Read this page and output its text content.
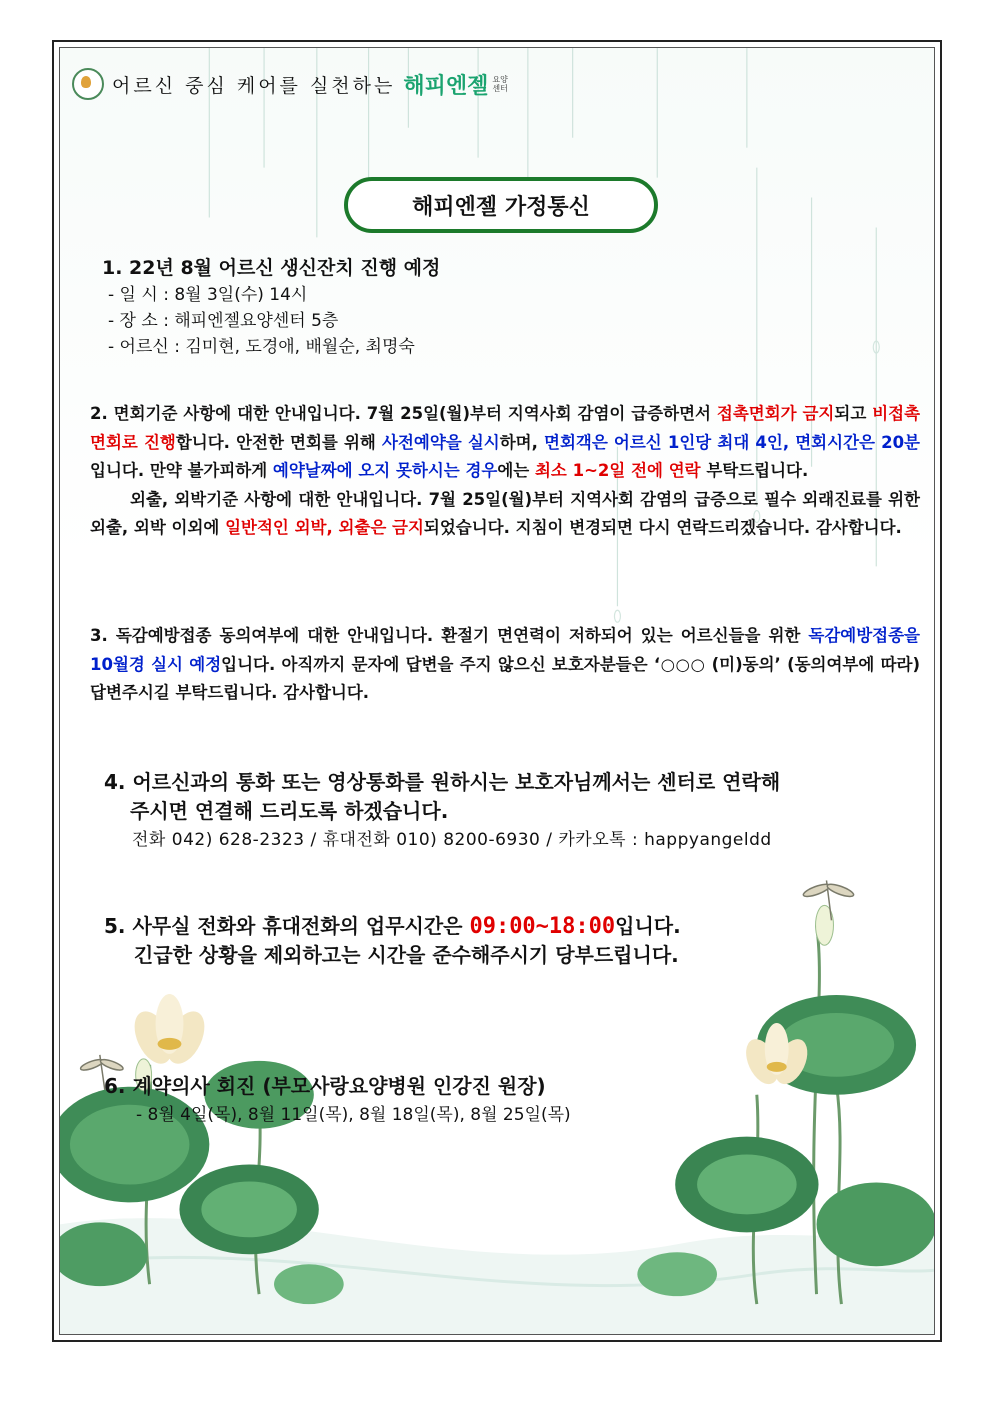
어르신 중심 케어를 실천하는 해피엔젤 요양 센터
해피엔젤 가정통신

1. 22년 8월 어르신 생신잔치 진행 예정

- 일 시 : 8월 3일(수) 14시
- 장 소 : 해피엔젤요양센터 5층
- 어르신 : 김미현, 도경애, 배월순, 최명숙

2. 면회기준 사항에 대한 안내입니다. 7월 25일(월)부터 지역사회 감염이 급증하면서 접촉면회가 금지되고 비접촉면회로 진행합니다. 안전한 면회를 위해 사전예약을 실시하며, 면회객은 어르신 1인당 최대 4인, 면회시간은 20분 입니다. 만약 불가피하게 예약날짜에 오지 못하시는 경우에는 최소 1~2일 전에 연락 부탁드립니다.

외출, 외박기준 사항에 대한 안내입니다. 7월 25일(월)부터 지역사회 감염의 급증으로 필수 외래진료를 위한 외출, 외박 이외에 일반적인 외박, 외출은 금지되었습니다. 지침이 변경되면 다시 연락드리겠습니다. 감사합니다.

3. 독감예방접종 동의여부에 대한 안내입니다. 환절기 면연력이 저하되어 있는 어르신들을 위한 독감예방접종을 10월경 실시 예정입니다. 아직까지 문자에 답변을 주지 않으신 보호자분들은 ‘○○○ (미)동의’ (동의여부에 따라) 답변주시길 부탁드립니다. 감사합니다.

4. 어르신과의 통화 또는 영상통화를 원하시는 보호자님께서는 센터로 연락해

주시면 연결해 드리도록 하겠습니다.

전화 042) 628-2323 / 휴대전화 010) 8200-6930 / 카카오톡 : happyangeldd

5. 사무실 전화와 휴대전화의 업무시간은 09:00~18:00입니다.

긴급한 상황을 제외하고는 시간을 준수해주시기 당부드립니다.

6. 계약의사 회진 (부모사랑요양병원 인강진 원장)

- 8월 4일(목), 8월 11일(목), 8월 18일(목), 8월 25일(목)
